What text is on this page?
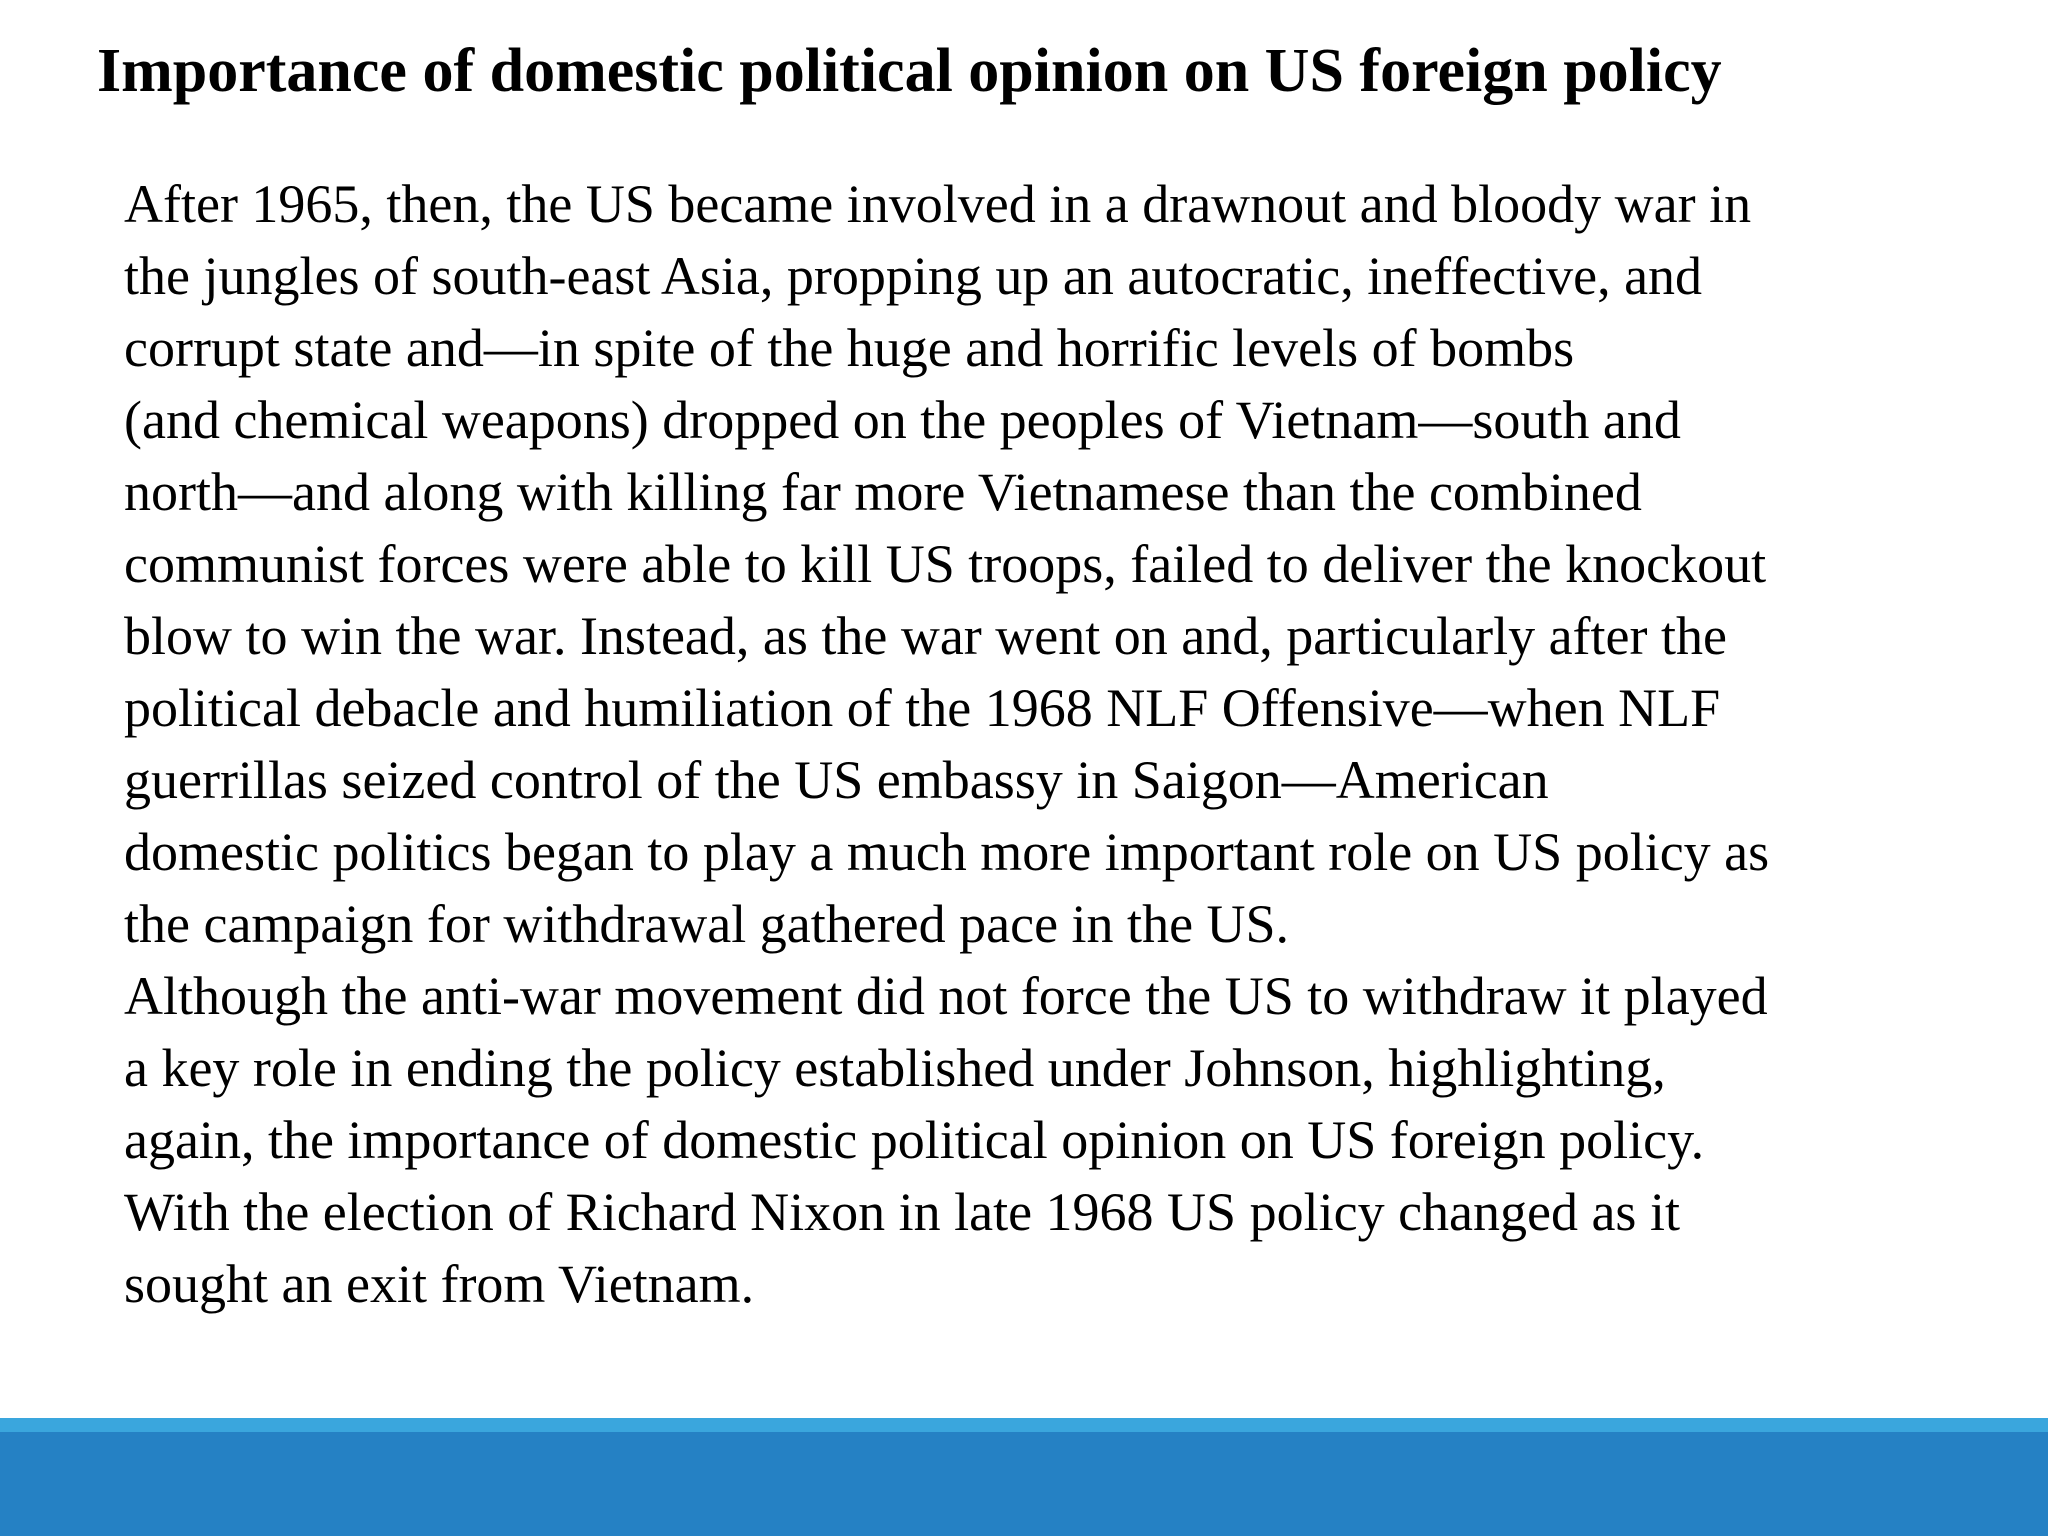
Importance of domestic political opinion on US foreign policy
After 1965, then, the US became involved in a drawnout and bloody war in
the jungles of south-east Asia, propping up an autocratic, ineffective, and
corrupt state and—in spite of the huge and horrific levels of bombs
(and chemical weapons) dropped on the peoples of Vietnam—south and
north—and along with killing far more Vietnamese than the combined
communist forces were able to kill US troops, failed to deliver the knockout
blow to win the war. Instead, as the war went on and, particularly after the
political debacle and humiliation of the 1968 NLF Offensive—when NLF
guerrillas seized control of the US embassy in Saigon—American
domestic politics began to play a much more important role on US policy as
the campaign for withdrawal gathered pace in the US.
Although the anti-war movement did not force the US to withdraw it played
a key role in ending the policy established under Johnson, highlighting,
again, the importance of domestic political opinion on US foreign policy.
With the election of Richard Nixon in late 1968 US policy changed as it
sought an exit from Vietnam.
